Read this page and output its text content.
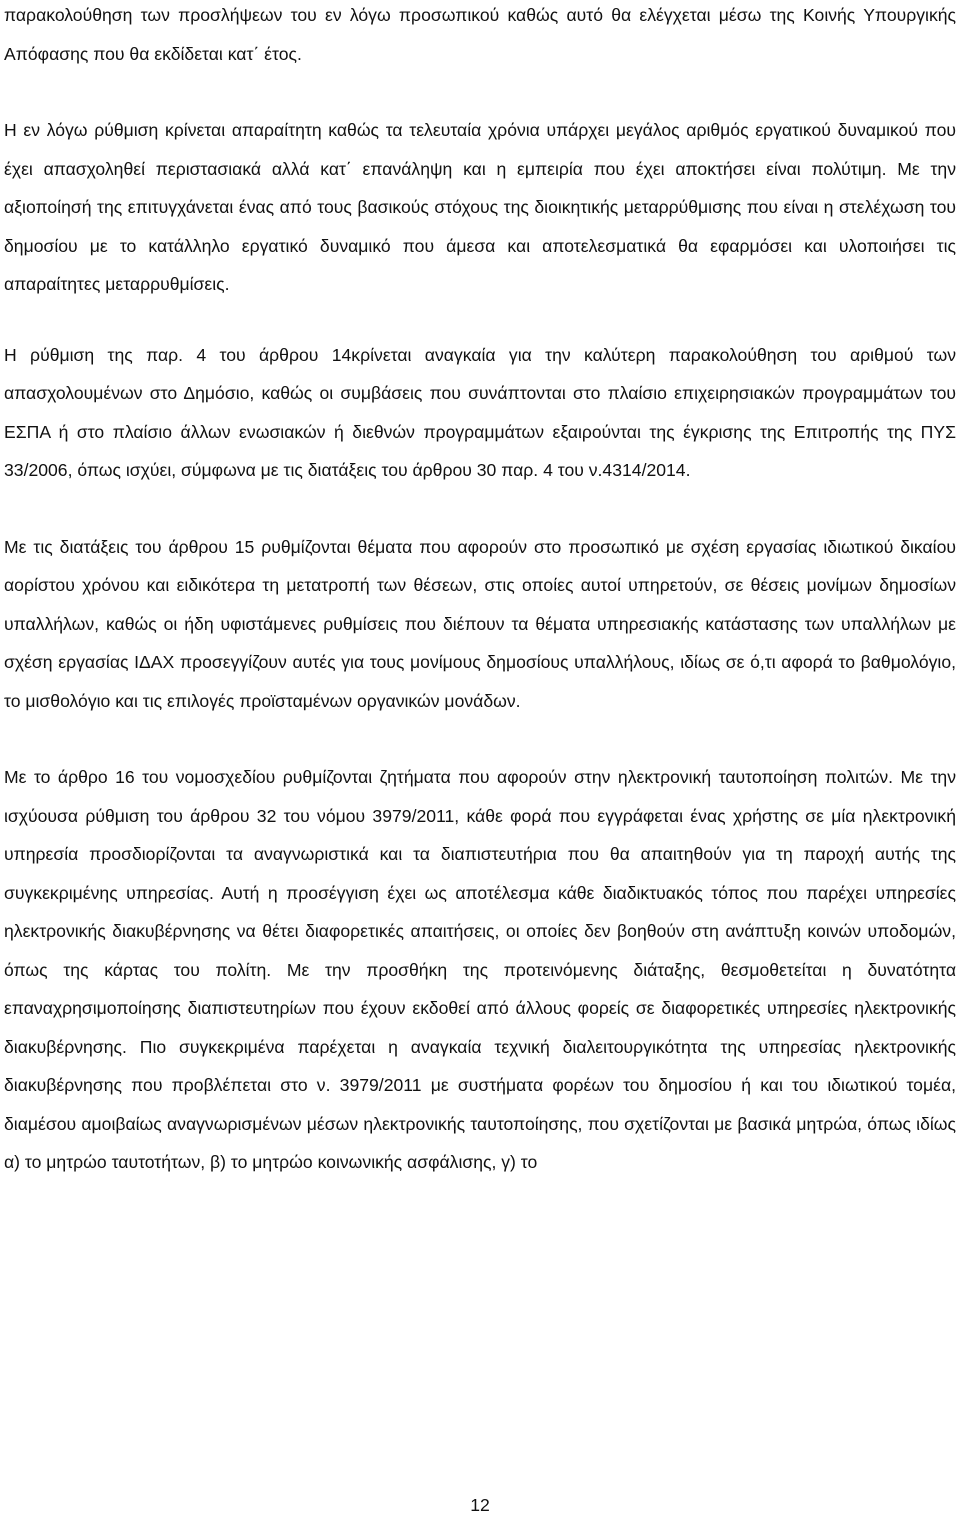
παρακολούθηση των προσλήψεων του εν λόγω προσωπικού καθώς αυτό θα ελέγχεται μέσω της Κοινής Υπουργικής Απόφασης που θα εκδίδεται κατ΄ έτος.

Η εν λόγω ρύθμιση κρίνεται απαραίτητη καθώς τα τελευταία χρόνια υπάρχει μεγάλος αριθμός εργατικού δυναμικού που έχει απασχοληθεί περιστασιακά αλλά κατ΄ επανάληψη και η εμπειρία που έχει αποκτήσει είναι πολύτιμη. Με την αξιοποίησή της επιτυγχάνεται ένας από τους βασικούς στόχους της διοικητικής μεταρρύθμισης που είναι η στελέχωση του δημοσίου με το κατάλληλο εργατικό δυναμικό που άμεσα και αποτελεσματικά θα εφαρμόσει και υλοποιήσει τις απαραίτητες μεταρρυθμίσεις.

Η ρύθμιση της παρ. 4 του άρθρου 14κρίνεται αναγκαία για την καλύτερη παρακολούθηση του αριθμού των απασχολουμένων στο Δημόσιο, καθώς οι συμβάσεις που συνάπτονται στο πλαίσιο επιχειρησιακών προγραμμάτων του ΕΣΠΑ ή στο πλαίσιο άλλων ενωσιακών ή διεθνών προγραμμάτων εξαιρούνται της έγκρισης της Επιτροπής της ΠΥΣ 33/2006, όπως ισχύει, σύμφωνα με τις διατάξεις του άρθρου 30 παρ. 4 του ν.4314/2014.

Με τις διατάξεις του άρθρου 15 ρυθμίζονται θέματα που αφορούν στο προσωπικό με σχέση εργασίας ιδιωτικού δικαίου αορίστου χρόνου και ειδικότερα τη μετατροπή των θέσεων, στις οποίες αυτοί υπηρετούν, σε θέσεις μονίμων δημοσίων υπαλλήλων, καθώς οι ήδη υφιστάμενες ρυθμίσεις που διέπουν τα θέματα υπηρεσιακής κατάστασης των υπαλλήλων με σχέση εργασίας ΙΔΑΧ προσεγγίζουν αυτές για τους μονίμους δημοσίους υπαλλήλους, ιδίως σε ό,τι αφορά το βαθμολόγιο, το μισθολόγιο και τις επιλογές προϊσταμένων οργανικών μονάδων.

Με το άρθρο 16 του νομοσχεδίου ρυθμίζονται ζητήματα που αφορούν στην ηλεκτρονική ταυτοποίηση πολιτών. Με την ισχύουσα ρύθμιση του άρθρου 32 του νόμου 3979/2011, κάθε φορά που εγγράφεται ένας χρήστης σε μία ηλεκτρονική υπηρεσία προσδιορίζονται τα αναγνωριστικά και τα διαπιστευτήρια που θα απαιτηθούν για τη παροχή αυτής της συγκεκριμένης υπηρεσίας. Αυτή η προσέγγιση έχει ως αποτέλεσμα κάθε διαδικτυακός τόπος που παρέχει υπηρεσίες ηλεκτρονικής διακυβέρνησης να θέτει διαφορετικές απαιτήσεις, οι οποίες δεν βοηθούν στη ανάπτυξη κοινών υποδομών, όπως της κάρτας του πολίτη. Με την προσθήκη της προτεινόμενης διάταξης, θεσμοθετείται η δυνατότητα επαναχρησιμοποίησης διαπιστευτηρίων που έχουν εκδοθεί από άλλους φορείς σε διαφορετικές υπηρεσίες ηλεκτρονικής διακυβέρνησης. Πιο συγκεκριμένα παρέχεται η αναγκαία τεχνική διαλειτουργικότητα της υπηρεσίας ηλεκτρονικής διακυβέρνησης που προβλέπεται στο ν. 3979/2011 με συστήματα φορέων του δημοσίου ή και του ιδιωτικού τομέα, διαμέσου αμοιβαίως αναγνωρισμένων μέσων ηλεκτρονικής ταυτοποίησης, που σχετίζονται με βασικά μητρώα, όπως ιδίως α) το μητρώο ταυτοτήτων, β) το μητρώο κοινωνικής ασφάλισης, γ) το

12
